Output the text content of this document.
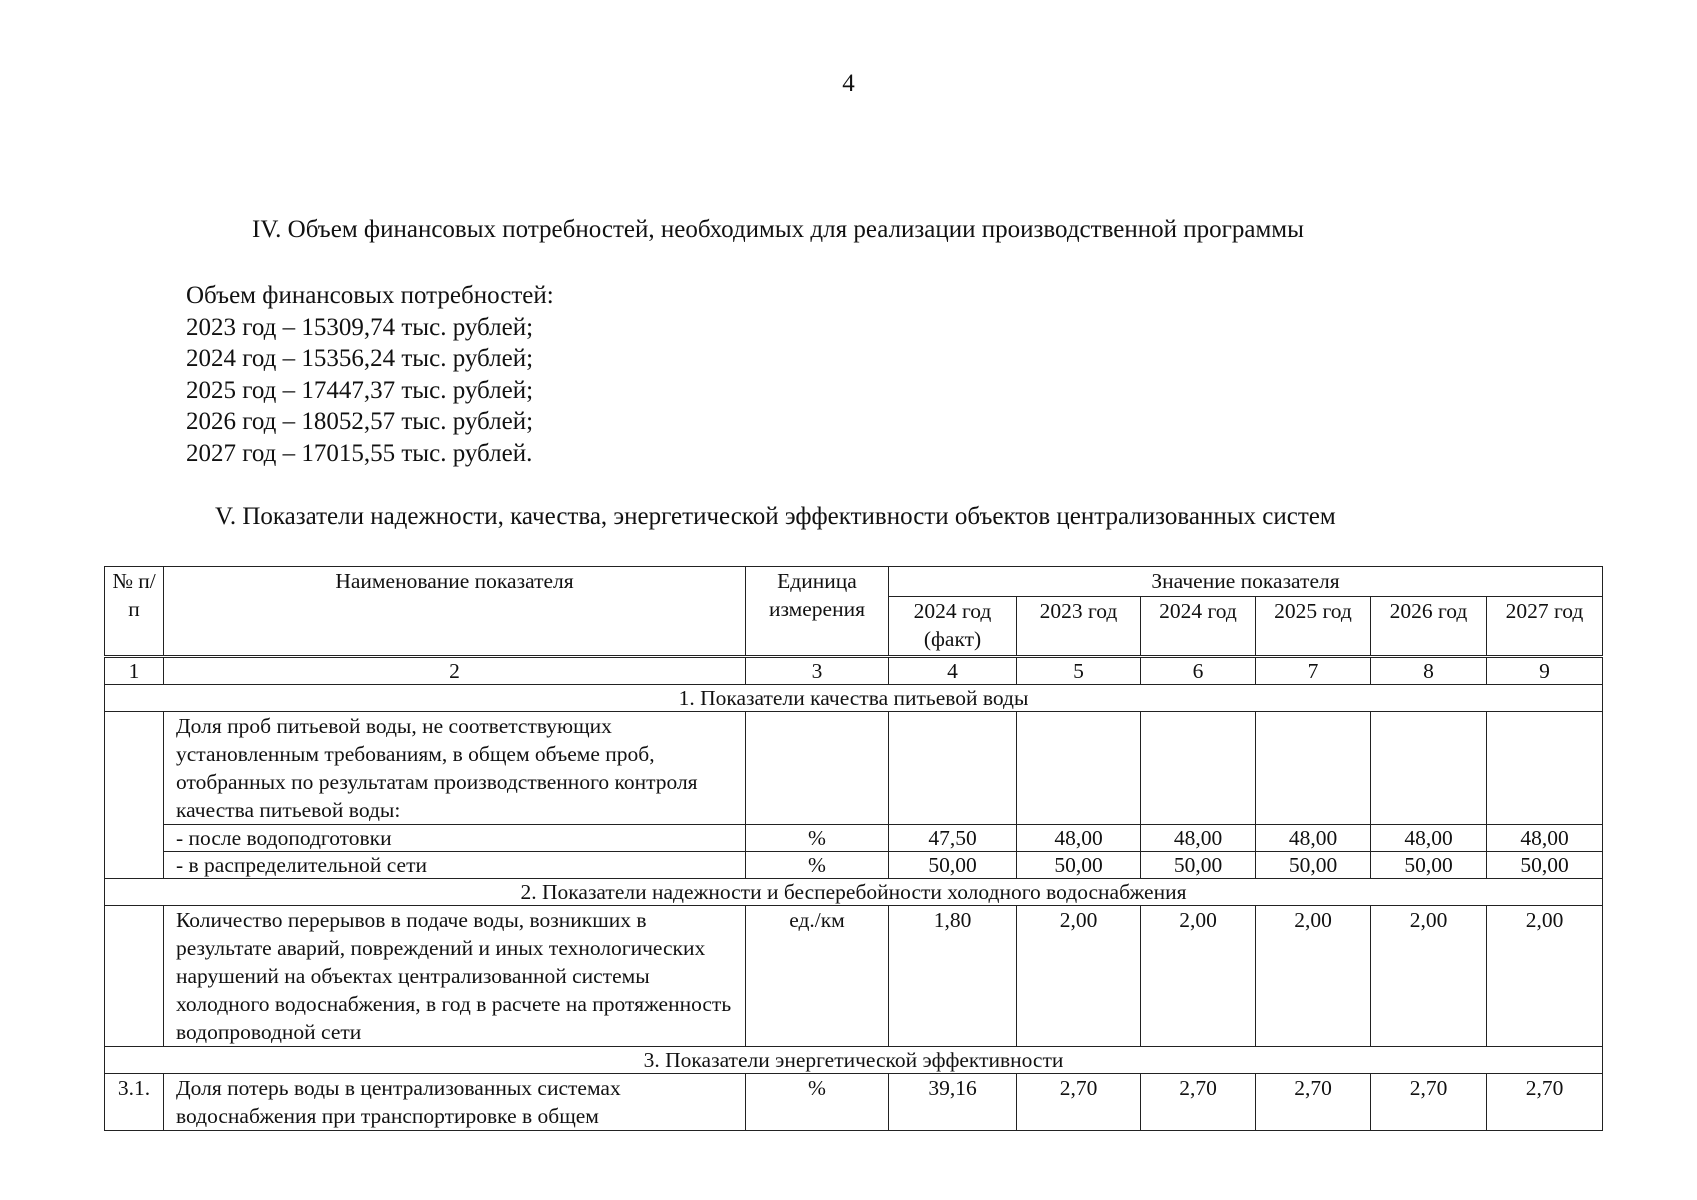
4
IV. Объем финансовых потребностей, необходимых для реализации производственной программы
Объем финансовых потребностей:
2023 год – 15309,74 тыс. рублей;
2024 год – 15356,24 тыс. рублей;
2025 год – 17447,37 тыс. рублей;
2026 год – 18052,57 тыс. рублей;
2027 год – 17015,55 тыс. рублей.
V. Показатели надежности, качества, энергетической эффективности объектов централизованных систем
№ п/п	Наименование показателя	Единица измерения	Значение показателя					
			2024 год (факт)	2023 год	2024 год	2025 год	2026 год	2027 год
1	2	3	4	5	6	7	8	9
1. Показатели качества питьевой воды								
	Доля проб питьевой воды, не соответствующих установленным требованиям, в общем объеме проб, отобранных по результатам производственного контроля качества питьевой воды:							
	- после водоподготовки	%	47,50	48,00	48,00	48,00	48,00	48,00
	- в распределительной сети	%	50,00	50,00	50,00	50,00	50,00	50,00
2. Показатели надежности и бесперебойности холодного водоснабжения								
	Количество перерывов в подаче воды, возникших в результате аварий, повреждений и иных технологических нарушений на объектах централизованной системы холодного водоснабжения, в год в расчете на протяженность водопроводной сети	ед./км	1,80	2,00	2,00	2,00	2,00	2,00
3. Показатели энергетической эффективности								
3.1.	Доля потерь воды в централизованных системах водоснабжения при транспортировке в общем	%	39,16	2,70	2,70	2,70	2,70	2,70
